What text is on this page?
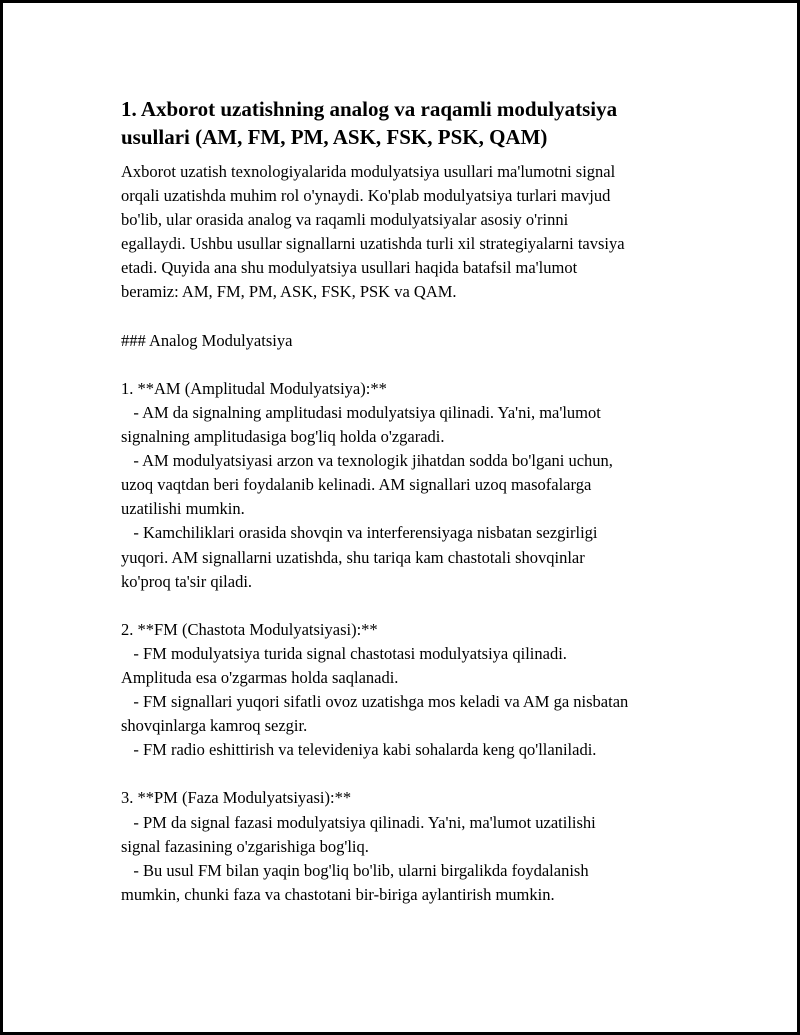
1. Axborot uzatishning analog va raqamli modulyatsiya
usullari (AM, FM, PM, ASK, FSK, PSK, QAM)
Axborot uzatish texnologiyalarida modulyatsiya usullari ma'lumotni signal
orqali uzatishda muhim rol o'ynaydi. Ko'plab modulyatsiya turlari mavjud
bo'lib, ular orasida analog va raqamli modulyatsiyalar asosiy o'rinni
egallaydi. Ushbu usullar signallarni uzatishda turli xil strategiyalarni tavsiya
etadi. Quyida ana shu modulyatsiya usullari haqida batafsil ma'lumot
beramiz: AM, FM, PM, ASK, FSK, PSK va QAM.
### Analog Modulyatsiya
1. **AM (Amplitudal Modulyatsiya):**
- AM da signalning amplitudasi modulyatsiya qilinadi. Ya'ni, ma'lumot
signalning amplitudasiga bog'liq holda o'zgaradi.
- AM modulyatsiyasi arzon va texnologik jihatdan sodda bo'lgani uchun,
uzoq vaqtdan beri foydalanib kelinadi. AM signallari uzoq masofalarga
uzatilishi mumkin.
- Kamchiliklari orasida shovqin va interferensiyaga nisbatan sezgirligi
yuqori. AM signallarni uzatishda, shu tariqa kam chastotali shovqinlar
ko'proq ta'sir qiladi.
2. **FM (Chastota Modulyatsiyasi):**
- FM modulyatsiya turida signal chastotasi modulyatsiya qilinadi.
Amplituda esa o'zgarmas holda saqlanadi.
- FM signallari yuqori sifatli ovoz uzatishga mos keladi va AM ga nisbatan
shovqinlarga kamroq sezgir.
- FM radio eshittirish va televideniya kabi sohalarda keng qo'llaniladi.
3. **PM (Faza Modulyatsiyasi):**
- PM da signal fazasi modulyatsiya qilinadi. Ya'ni, ma'lumot uzatilishi
signal fazasining o'zgarishiga bog'liq.
- Bu usul FM bilan yaqin bog'liq bo'lib, ularni birgalikda foydalanish
mumkin, chunki faza va chastotani bir-biriga aylantirish mumkin.
